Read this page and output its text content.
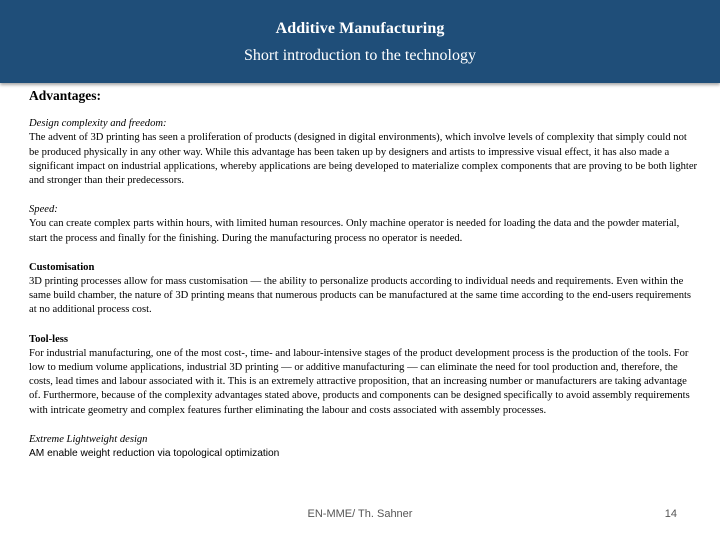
Additive Manufacturing
Short introduction to the technology
Advantages:

Design complexity and freedom:

The advent of 3D printing has seen a proliferation of products (designed in digital environments), which involve levels of complexity that simply could not be produced physically in any other way. While this advantage has been taken up by designers and artists to impressive visual effect, it has also made a significant impact on industrial applications, whereby applications are being developed to materialize complex components that are proving to be both lighter and stronger than their predecessors.

Speed:

You can create complex parts within hours, with limited human resources. Only machine operator is needed for loading the data and the powder material, start the process and finally for the finishing. During the manufacturing process no operator is needed.

Customisation

3D printing processes allow for mass customisation — the ability to personalize products according to individual needs and requirements. Even within the same build chamber, the nature of 3D printing means that numerous products can be manufactured at the same time according to the end-users requirements at no additional process cost.

Tool-less

For industrial manufacturing, one of the most cost-, time- and labour-intensive stages of the product development process is the production of the tools. For low to medium volume applications, industrial 3D printing — or additive manufacturing — can eliminate the need for tool production and, therefore, the costs, lead times and labour associated with it. This is an extremely attractive proposition, that an increasing number or manufacturers are taking advantage of. Furthermore, because of the complexity advantages stated above, products and components can be designed specifically to avoid assembly requirements with intricate geometry and complex features further eliminating the labour and costs associated with assembly processes.

Extreme Lightweight design

AM enable weight reduction via topological optimization

EN-MME/ Th. Sahner	14
